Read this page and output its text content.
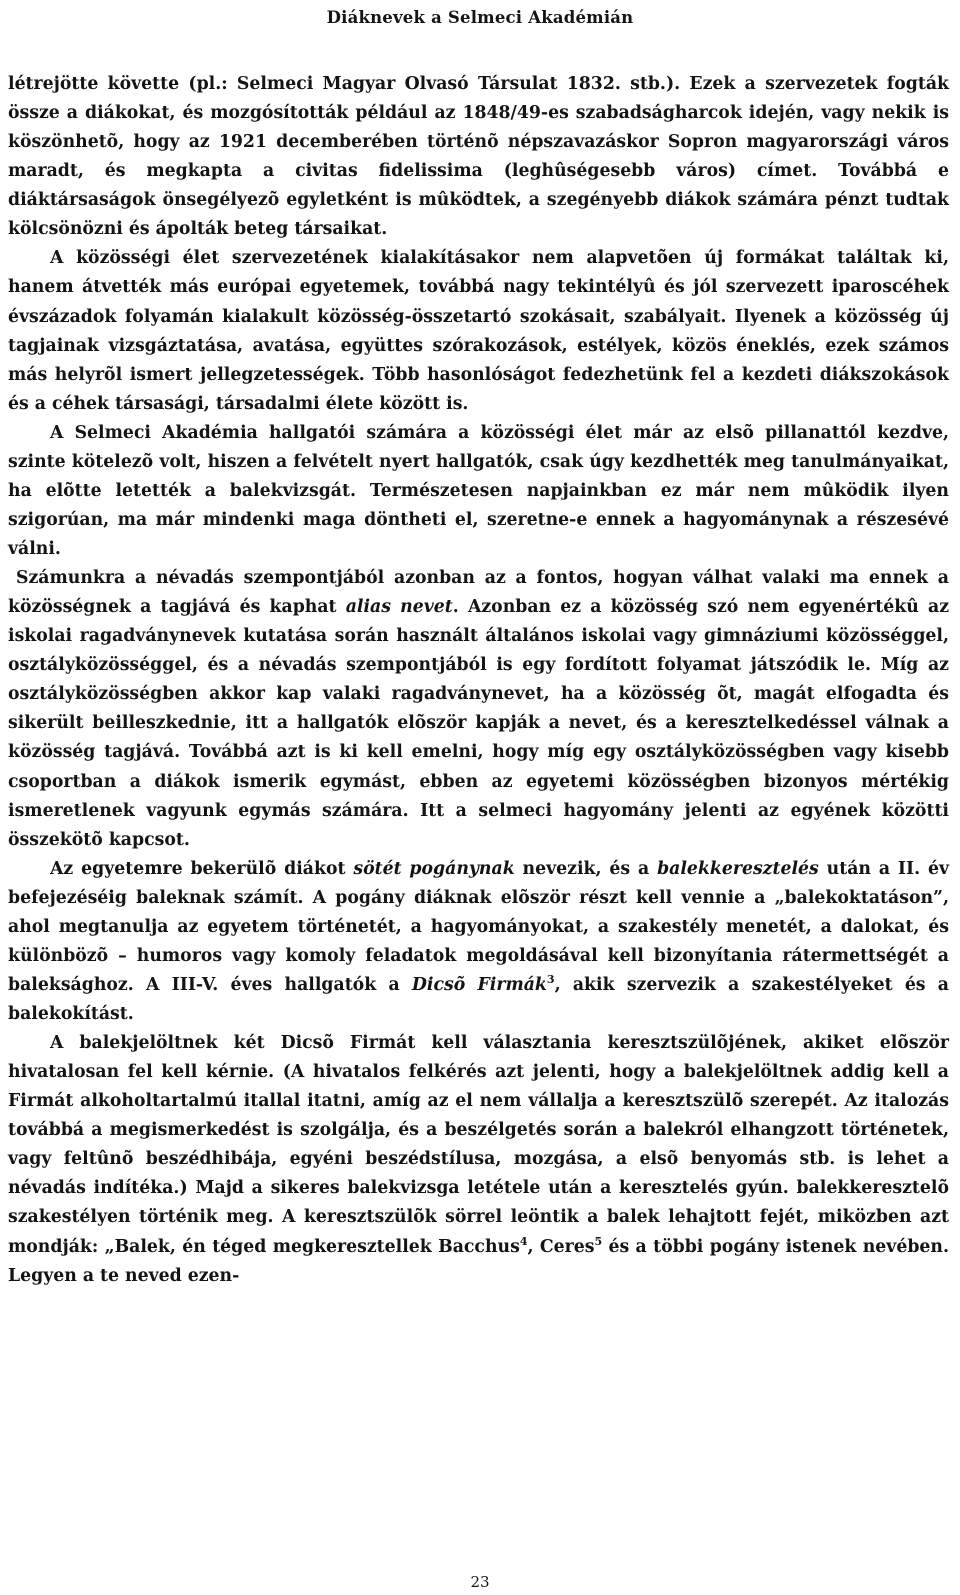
Diáknevek a Selmeci Akadémián

létrejötte követte (pl.: Selmeci Magyar Olvasó Társulat 1832. stb.). Ezek a szervezetek fogták össze a diákokat, és mozgósították például az 1848/49-es szabadságharcok idején, vagy nekik is köszönhetõ, hogy az 1921 decemberében történõ népszavazáskor Sopron magyarországi város maradt, és megkapta a civitas fidelissima (leghûségesebb város) címet. Továbbá e diáktársaságok önsegélyezõ egyletként is mûködtek, a szegényebb diákok számára pénzt tudtak kölcsönözni és ápolták beteg társaikat.

A közösségi élet szervezetének kialakításakor nem alapvetõen új formákat találtak ki, hanem átvették más európai egyetemek, továbbá nagy tekintélyû és jól szervezett iparoscéhek évszázadok folyamán kialakult közösség-összetartó szokásait, szabályait. Ilyenek a közösség új tagjainak vizsgáztatása, avatása, együttes szórakozások, estélyek, közös éneklés, ezek számos más helyrõl ismert jellegzetességek. Több hasonlóságot fedezhetünk fel a kezdeti diákszokások és a céhek társasági, társadalmi élete között is.

A Selmeci Akadémia hallgatói számára a közösségi élet már az elsõ pillanattól kezdve, szinte kötelezõ volt, hiszen a felvételt nyert hallgatók, csak úgy kezdhették meg tanulmányaikat, ha elõtte letették a balekvizsgát. Természetesen napjainkban ez már nem mûködik ilyen szigorúan, ma már mindenki maga döntheti el, szeretne-e ennek a hagyománynak a részesévé válni.

Számunkra a névadás szempontjából azonban az a fontos, hogyan válhat valaki ma ennek a közösségnek a tagjává és kaphat alias nevet. Azonban ez a közösség szó nem egyenértékû az iskolai ragadványnevek kutatása során használt általános iskolai vagy gimnáziumi közösséggel, osztályközösséggel, és a névadás szempontjából is egy fordított folyamat játszódik le. Míg az osztályközösségben akkor kap valaki ragadványnevet, ha a közösség õt, magát elfogadta és sikerült beilleszkednie, itt a hallgatók elõször kapják a nevet, és a keresztelkedéssel válnak a közösség tagjává. Továbbá azt is ki kell emelni, hogy míg egy osztályközösségben vagy kisebb csoportban a diákok ismerik egymást, ebben az egyetemi közösségben bizonyos mértékig ismeretlenek vagyunk egymás számára. Itt a selmeci hagyomány jelenti az egyének közötti összekötõ kapcsot.

Az egyetemre bekerülõ diákot sötét pogánynak nevezik, és a balekkeresztelés után a II. év befejezéséig baleknak számít. A pogány diáknak elõször részt kell vennie a „balekoktatáson”, ahol megtanulja az egyetem történetét, a hagyományokat, a szakestély menetét, a dalokat, és különbözõ – humoros vagy komoly feladatok megoldásával kell bizonyítania rátermettségét a baleksághoz. A III-V. éves hallgatók a Dicsõ Firmák$^3$, akik szervezik a szakestélyeket és a balekokítást.

A balekjelöltnek két Dicsõ Firmát kell választania keresztszülõjének, akiket elõször hivatalosan fel kell kérnie. (A hivatalos felkérés azt jelenti, hogy a balekjelöltnek addig kell a Firmát alkoholtartalmú itallal itatni, amíg az el nem vállalja a keresztszülõ szerepét. Az italozás továbbá a megismerkedést is szolgálja, és a beszélgetés során a balekról elhangzott történetek, vagy feltûnõ beszédhibája, egyéni beszédstílusa, mozgása, a elsõ benyomás stb. is lehet a névadás indítéka.) Majd a sikeres balekvizsga letétele után a keresztelés gyún. balekkeresztelõ szakestélyen történik meg. A keresztszülõk sörrel leöntik a balek lehajtott fejét, miközben azt mondják: „Balek, én téged megkeresztellek Bacchus$^4$, Ceres$^5$ és a többi pogány istenek nevében. Legyen a te neved ezen-

23
